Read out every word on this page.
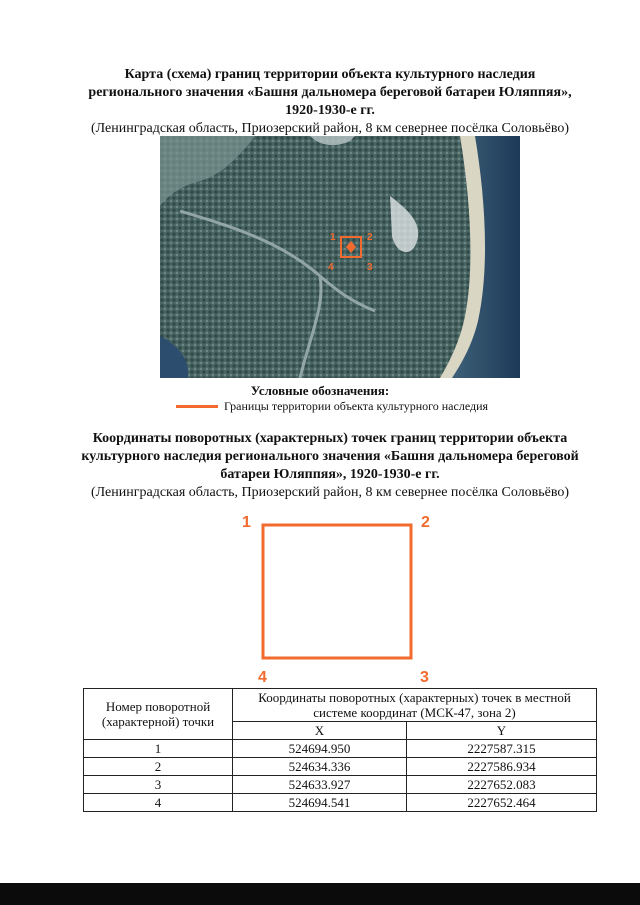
Карта (схема) границ территории объекта культурного наследия
регионального значения «Башня дальномера береговой батареи Юляппяя»,
1920-1930-е гг.
(Ленинградская область, Приозерский район, 8 км севернее посёлка Соловьёво)
1	2
3
4
Условные обозначения:
Границы территории объекта культурного наследия
Координаты поворотных (характерных) точек границ территории объекта
культурного наследия регионального значения «Башня дальномера береговой
батареи Юляппяя», 1920-1930-е гг.
(Ленинградская область, Приозерский район, 8 км севернее посёлка Соловьёво)
1	2
3
4
Номер поворотной (характерной) точки	Координаты поворотных (характерных) точек в местной системе координат (МСК-47, зона 2)	
	X	Y
1	524694.950	2227587.315
2	524634.336	2227586.934
3	524633.927	2227652.083
4	524694.541	2227652.464
